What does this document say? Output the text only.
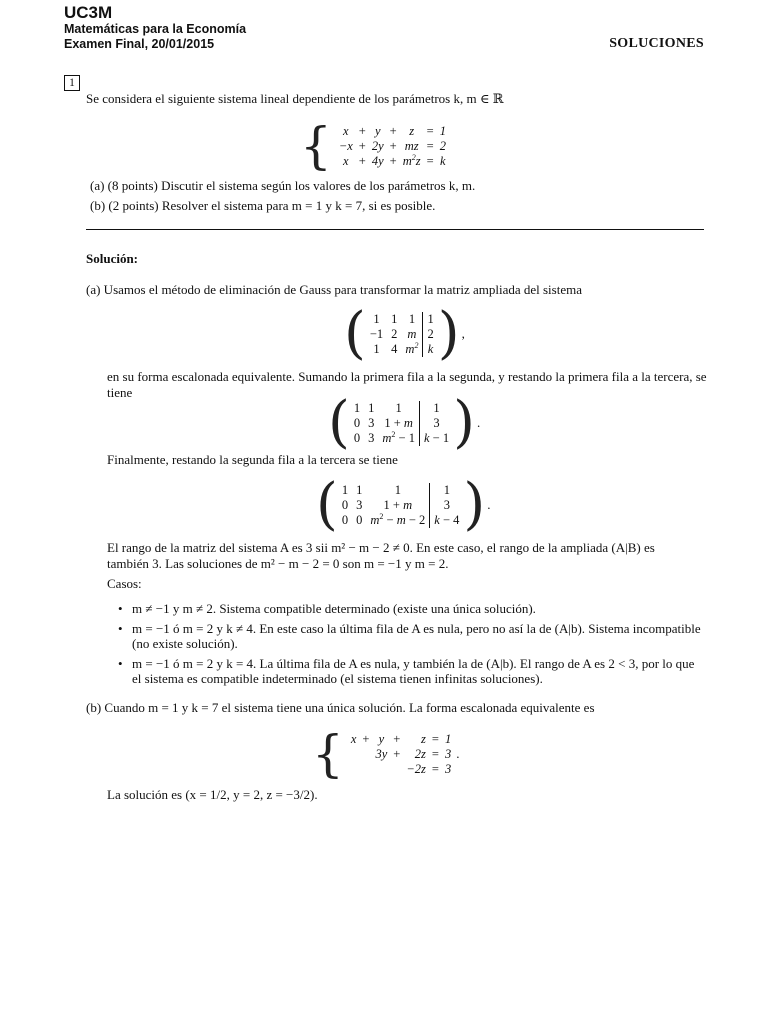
UC3M
Matemáticas para la Economía
Examen Final, 20/01/2015	SOLUCIONES
1
Se considera el siguiente sistema lineal dependiente de los parámetros k, m ∈ ℝ
{ x	+	y	+	z	=	1
−x	+	2y	+	mz	=	2
x	+	4y	+	$m^2z$	=	k
(a) (8 points) Discutir el sistema según los valores de los parámetros k, m.
(b) (2 points) Resolver el sistema para m = 1 y k = 7, si es posible.
Solución:
(a) Usamos el método de eliminación de Gauss para transformar la matriz ampliada del sistema
( 1	1	1	1
−1	2	m	2
1	4	$m^2$	k ) ,
en su forma escalonada equivalente. Sumando la primera fila a la segunda, y restando la primera fila a la tercera, se tiene	( 1	1	1	1
0	3	1 + m	3
0	3	$m^2 - 1$	k − 1 ) .
Finalmente, restando la segunda fila a la tercera se tiene
( 1	1	1	1
0	3	1 + m	3
0	0	$m^2 - m - 2$	k − 4 ) .
El rango de la matriz del sistema A es 3 sii m² − m − 2 ≠ 0. En este caso, el rango de la ampliada (A|B) es
también 3. Las soluciones de m² − m − 2 = 0 son m = −1 y m = 2.
Casos:
• m ≠ −1 y m ≠ 2. Sistema compatible determinado (existe una única solución).
• m = −1 ó m = 2 y k ≠ 4. En este caso la última fila de A es nula, pero no así la de (A|b). Sistema incompatible (no existe solución).
• m = −1 ó m = 2 y k = 4. La última fila de A es nula, y también la de (A|b). El rango de A es 2 < 3, por lo que el sistema es compatible indeterminado (el sistema tienen infinitas soluciones).
(b) Cuando m = 1 y k = 7 el sistema tiene una única solución. La forma escalonada equivalente es
{ x	+	y	+	z	=	1
		3y	+	2z	=	3
				−2z	=	3
.
La solución es (x = 1/2, y = 2, z = −3/2).
